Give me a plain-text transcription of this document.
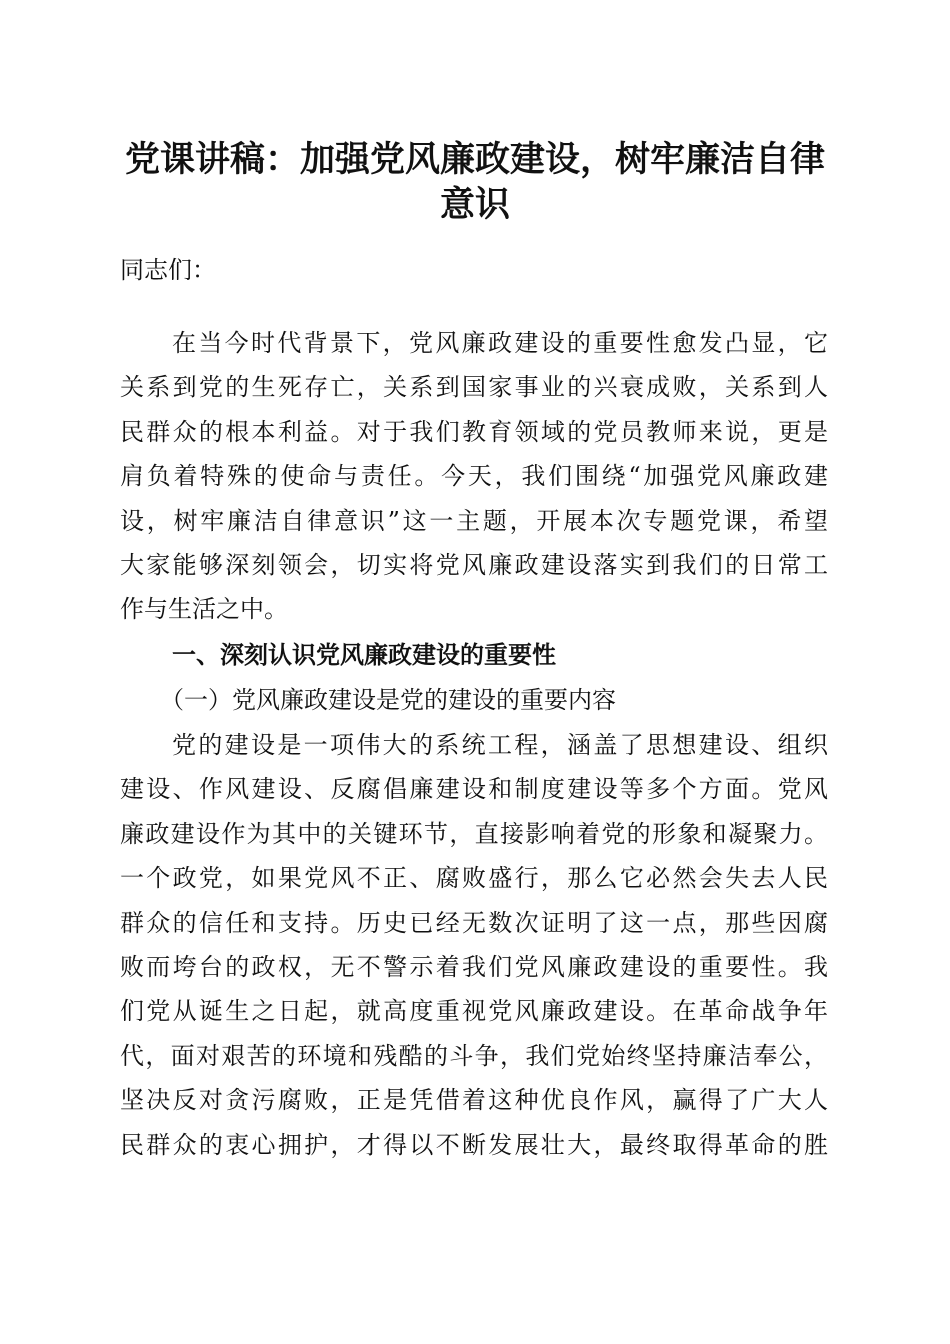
党课讲稿：加强党风廉政建设，树牢廉洁自律
意识
同志们：
在当今时代背景下，党风廉政建设的重要性愈发凸显，它
关系到党的生死存亡，关系到国家事业的兴衰成败，关系到人
民群众的根本利益。对于我们教育领域的党员教师来说，更是
肩负着特殊的使命与责任。今天，我们围绕“加强党风廉政建
设，树牢廉洁自律意识”这一主题，开展本次专题党课，希望
大家能够深刻领会，切实将党风廉政建设落实到我们的日常工
作与生活之中。
一、深刻认识党风廉政建设的重要性
（一）党风廉政建设是党的建设的重要内容
党的建设是一项伟大的系统工程，涵盖了思想建设、组织
建设、作风建设、反腐倡廉建设和制度建设等多个方面。党风
廉政建设作为其中的关键环节，直接影响着党的形象和凝聚力。
一个政党，如果党风不正、腐败盛行，那么它必然会失去人民
群众的信任和支持。历史已经无数次证明了这一点，那些因腐
败而垮台的政权，无不警示着我们党风廉政建设的重要性。我
们党从诞生之日起，就高度重视党风廉政建设。在革命战争年
代，面对艰苦的环境和残酷的斗争，我们党始终坚持廉洁奉公，
坚决反对贪污腐败，正是凭借着这种优良作风，赢得了广大人
民群众的衷心拥护，才得以不断发展壮大，最终取得革命的胜
